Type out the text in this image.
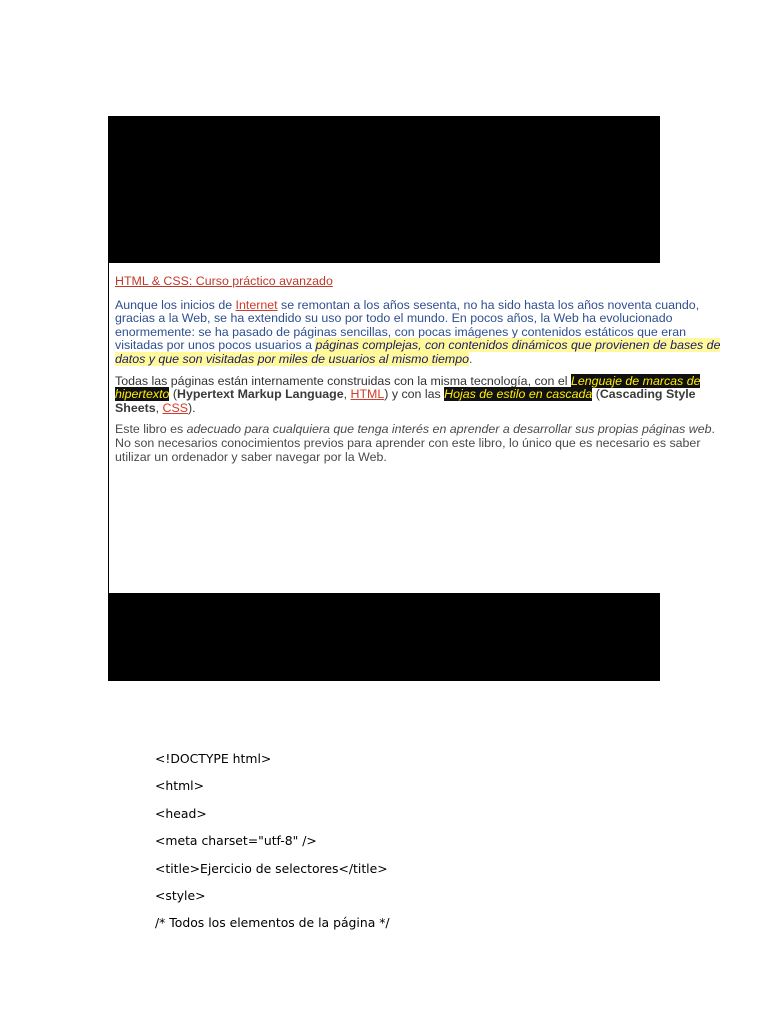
HTML & CSS: Curso práctico avanzado

Aunque los inicios de Internet se remontan a los años sesenta, no ha sido hasta los años noventa cuando, gracias a la Web, se ha extendido su uso por todo el mundo. En pocos años, la Web ha evolucionado enormemente: se ha pasado de páginas sencillas, con pocas imágenes y contenidos estáticos que eran visitadas por unos pocos usuarios a páginas complejas, con contenidos dinámicos que provienen de bases de datos y que son visitadas por miles de usuarios al mismo tiempo.

Todas las páginas están internamente construidas con la misma tecnología, con el Lenguaje de marcas de hipertexto (Hypertext Markup Language, HTML) y con las Hojas de estilo en cascada (Cascading Style Sheets, CSS).

Este libro es adecuado para cualquiera que tenga interés en aprender a desarrollar sus propias páginas web. No son necesarios conocimientos previos para aprender con este libro, lo único que es necesario es saber utilizar un ordenador y saber navegar por la Web.

<!DOCTYPE html>
<html>
<head>
<meta charset="utf-8" />
<title>Ejercicio de selectores</title>
<style>
/* Todos los elementos de la página */
